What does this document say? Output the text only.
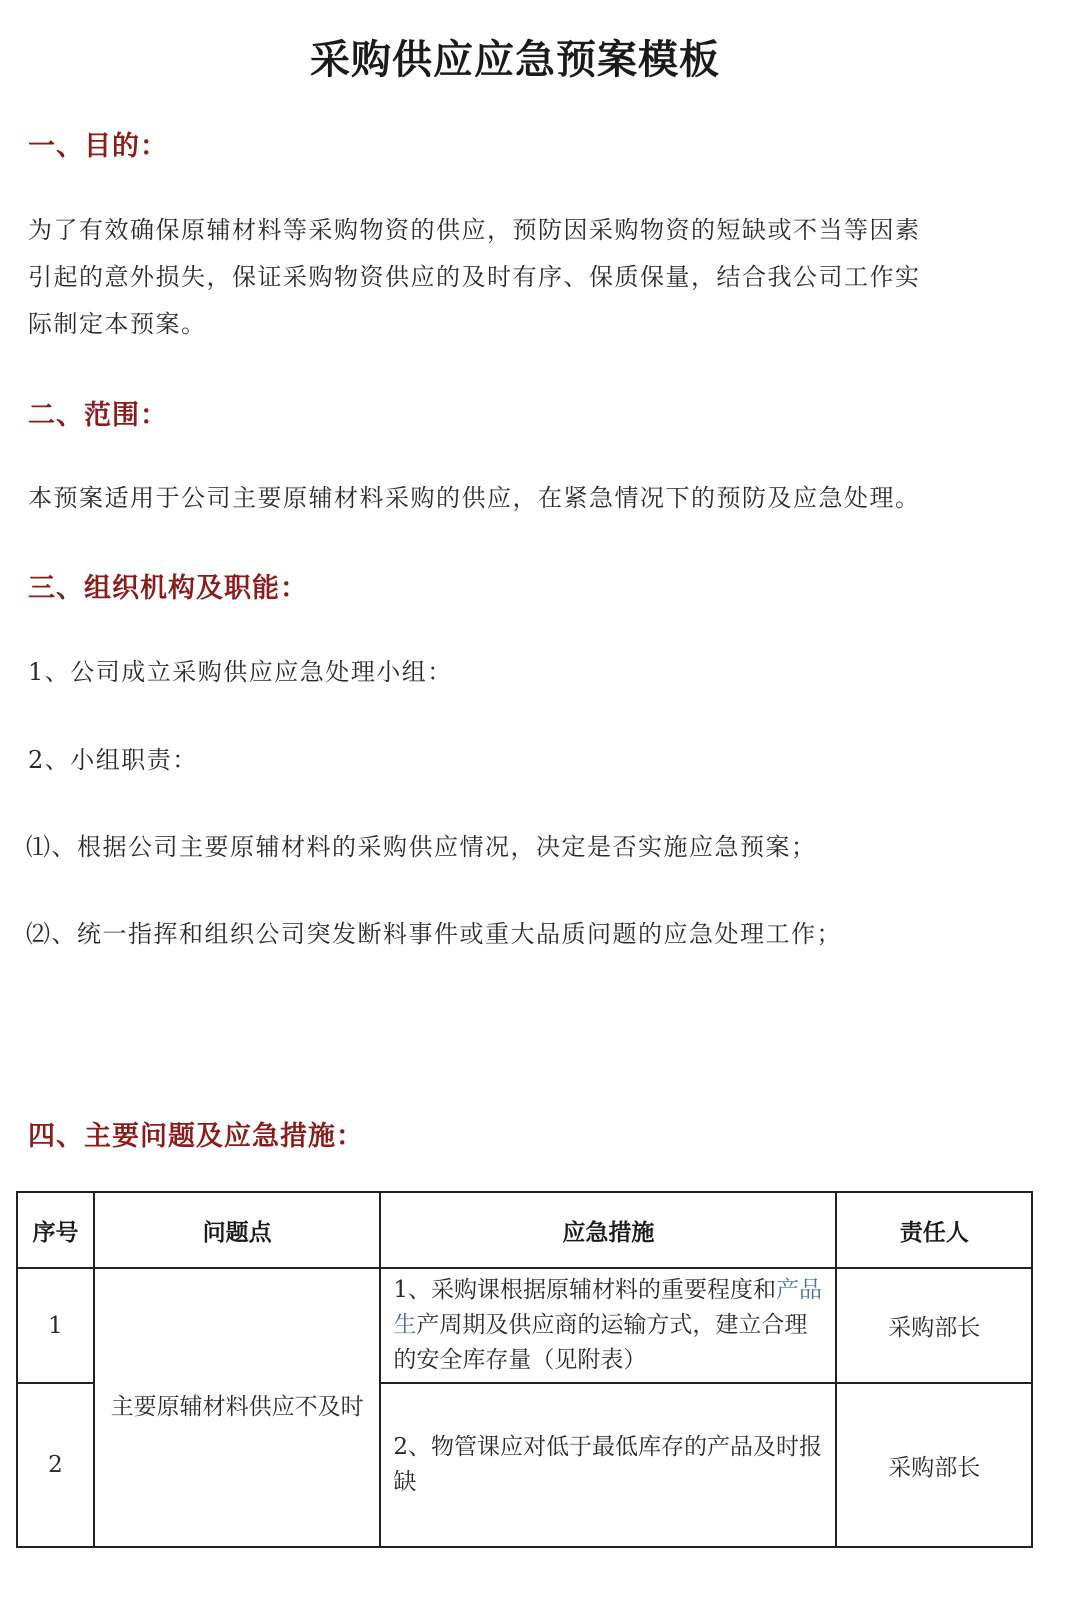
采购供应应急预案模板
一、目的：
为了有效确保原辅材料等采购物资的供应，预防因采购物资的短缺或不当等因素
引起的意外损失，保证采购物资供应的及时有序、保质保量，结合我公司工作实
际制定本预案。
二、范围：
本预案适用于公司主要原辅材料采购的供应，在紧急情况下的预防及应急处理。
三、组织机构及职能：
1、公司成立采购供应应急处理小组：
2、小组职责：
⑴、根据公司主要原辅材料的采购供应情况，决定是否实施应急预案；
⑵、统一指挥和组织公司突发断料事件或重大品质问题的应急处理工作；
四、主要问题及应急措施：
序号	问题点	应急措施	责任人
1	主要原辅材料供应不及时	1、采购课根据原辅材料的重要程度和产品生产周期及供应商的运输方式，建立合理的安全库存量（见附表）	采购部长
2		2、物管课应对低于最低库存的产品及时报缺	采购部长
